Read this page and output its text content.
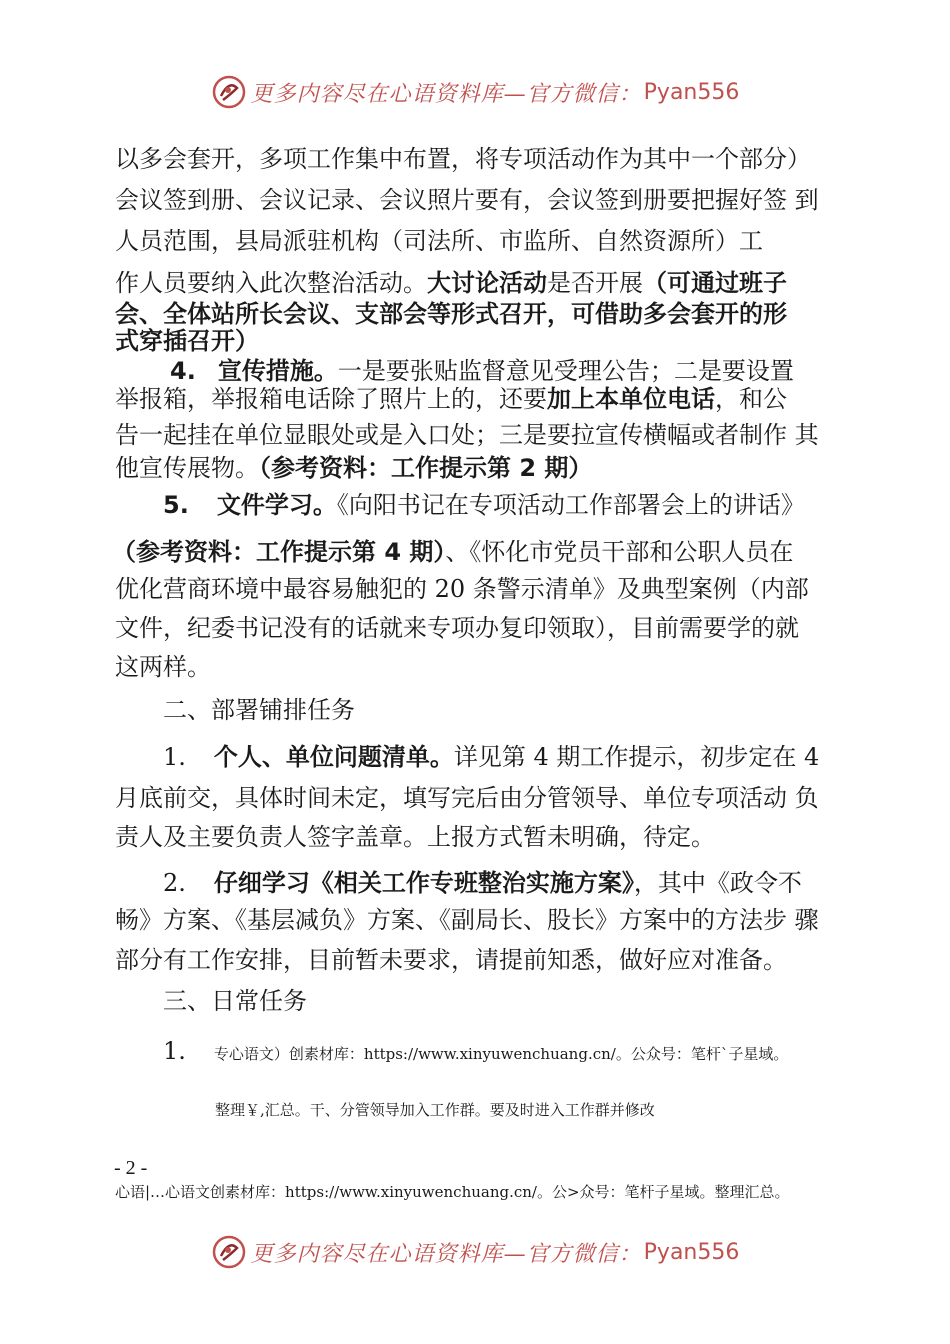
更多内容尽在心语资料库—官方微信： Pyan556
以多会套开，多项工作集中布置，将专项活动作为其中一个部分）
会议签到册、会议记录、会议照片要有，会议签到册要把握好签 到
人员范围，县局派驻机构（司法所、市监所、自然资源所）工
作人员要纳入此次整治活动。大讨论活动是否开展（可通过班子
会、全体站所长会议、支部会等形式召开，可借助多会套开的形
式穿插召开）
4. 宣传措施。一是要张贴监督意见受理公告；二是要设置
举报箱，举报箱电话除了照片上的，还要加上本单位电话，和公
告一起挂在单位显眼处或是入口处；三是要拉宣传横幅或者制作 其
他宣传展物。（参考资料：工作提示第 2 期）
5. 文件学习。《向阳书记在专项活动工作部署会上的讲话》
（参考资料：工作提示第 4 期）、《怀化市党员干部和公职人员在
优化营商环境中最容易触犯的 20 条警示清单》及典型案例（内部
文件，纪委书记没有的话就来专项办复印领取），目前需要学的就
这两样。
二、部署铺排任务
1. 个人、单位问题清单。详见第 4 期工作提示，初步定在 4
月底前交，具体时间未定，填写完后由分管领导、单位专项活动 负
责人及主要负责人签字盖章。上报方式暂未明确，待定。
2. 仔细学习《相关工作专班整治实施方案》，其中《政令不
畅》方案、《基层减负》方案、《副局长、股长》方案中的方法步 骤
部分有工作安排，目前暂未要求，请提前知悉，做好应对准备。
三、日常任务
1. 专心语文）创素材库：https://www.xinyuwenchuang.cn/。公众号：笔杆`子星域。
整理￥,汇总。干、分管领导加入工作群。要及时进入工作群并修改
- 2 -
心语|…心语文创素材库：https://www.xinyuwenchuang.cn/。公>众号：笔杆子星域。整理汇总。
更多内容尽在心语资料库—官方微信： Pyan556
